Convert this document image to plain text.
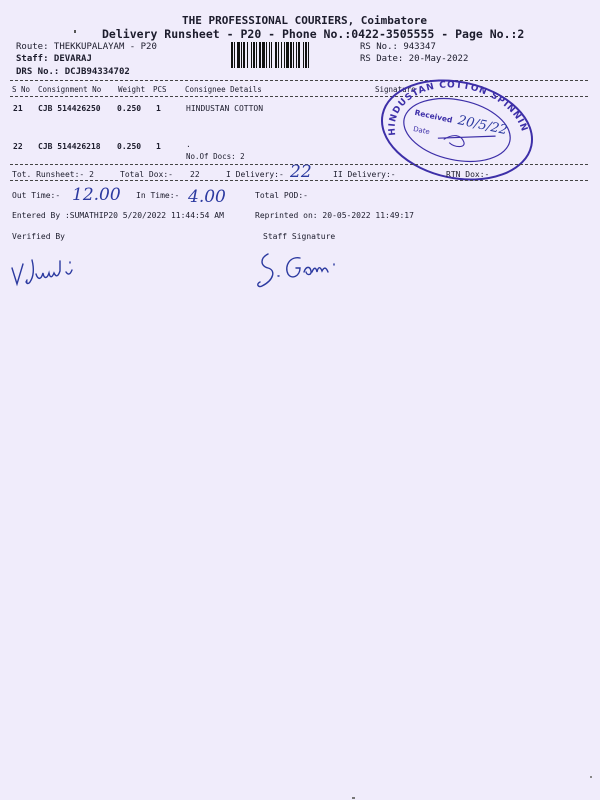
THE PROFESSIONAL COURIERS, Coimbatore
Delivery Runsheet - P20 - Phone No.:0422-3505555 - Page No.:2
Route: THEKKUPALAYAM - P20
Staff: DEVARAJ
DRS No.: DCJB94334702
RS No.: 943347
RS Date: 20-May-2022
S No Consignment No Weight PCS Consignee Details	Signature
21 CJB 514426250 0.250 1	HINDUSTAN COTTON
22 CJB 514426218 0.250 1	.
No.Of Docs: 2
HINDUSTAN COTTON SPINNING
Received
Date 20/5/22
Tot. Runsheet:- 2	Total Dox:- 22	I Delivery:- 22	II Delivery:-	RTN Dox:-
Out Time:- 12.00 In Time:- 4.00	Total POD:-
Entered By :SUMATHIP20 5/20/2022 11:44:54 AM	Reprinted on: 20-05-2022 11:49:17
Verified By	Staff Signature
